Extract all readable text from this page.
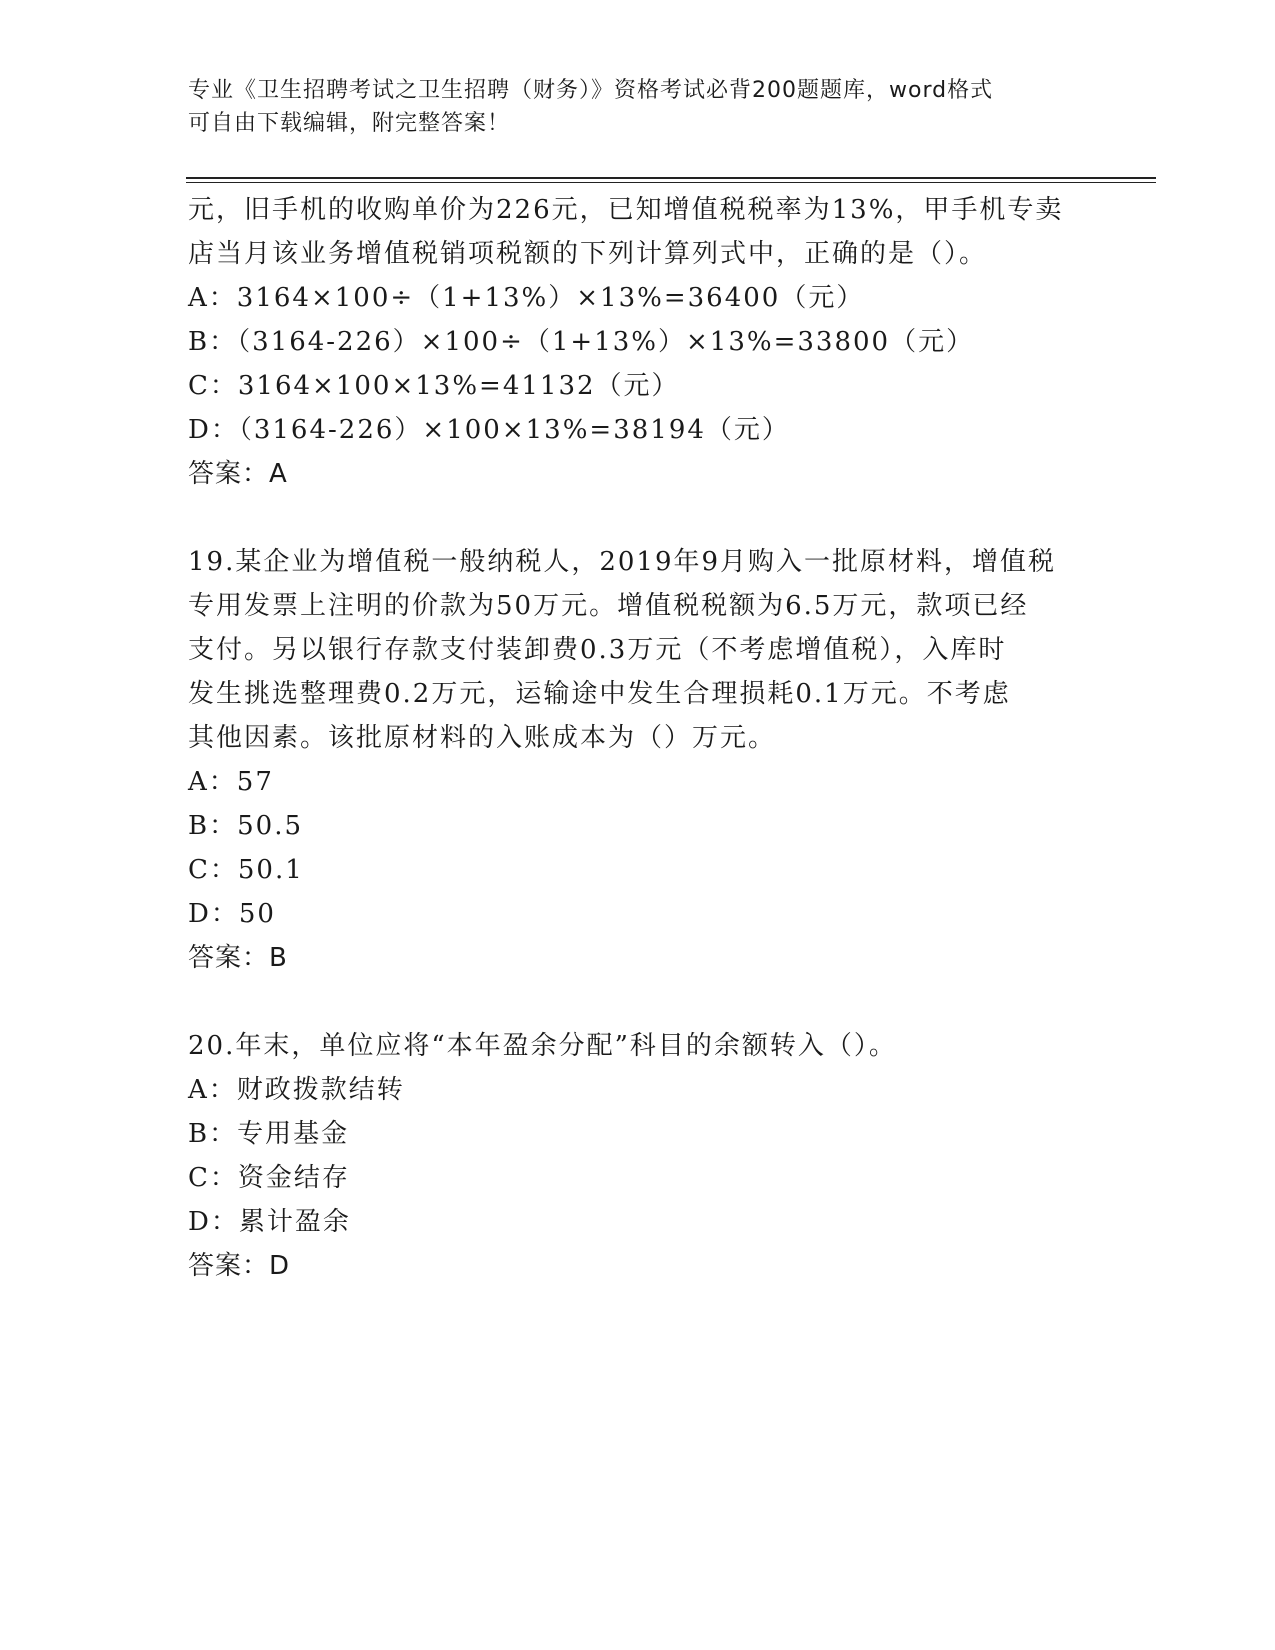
专业《卫生招聘考试之卫生招聘（财务）》资格考试必背200题题库，word格式
可自由下载编辑，附完整答案！
元，旧手机的收购单价为226元，已知增值税税率为13%，甲手机专卖
店当月该业务增值税销项税额的下列计算列式中，正确的是（）。
A：3164×100÷（1+13%）×13%=36400（元）
B：（3164-226）×100÷（1+13%）×13%=33800（元）
C：3164×100×13%=41132（元）
D：（3164-226）×100×13%=38194（元）
答案：A
19.某企业为增值税一般纳税人，2019年9月购入一批原材料，增值税
专用发票上注明的价款为50万元。增值税税额为6.5万元，款项已经
支付。另以银行存款支付装卸费0.3万元（不考虑增值税），入库时
发生挑选整理费0.2万元，运输途中发生合理损耗0.1万元。不考虑
其他因素。该批原材料的入账成本为（）万元。
A：57
B：50.5
C：50.1
D：50
答案：B
20.年末，单位应将“本年盈余分配”科目的余额转入（）。
A：财政拨款结转
B：专用基金
C：资金结存
D：累计盈余
答案：D
